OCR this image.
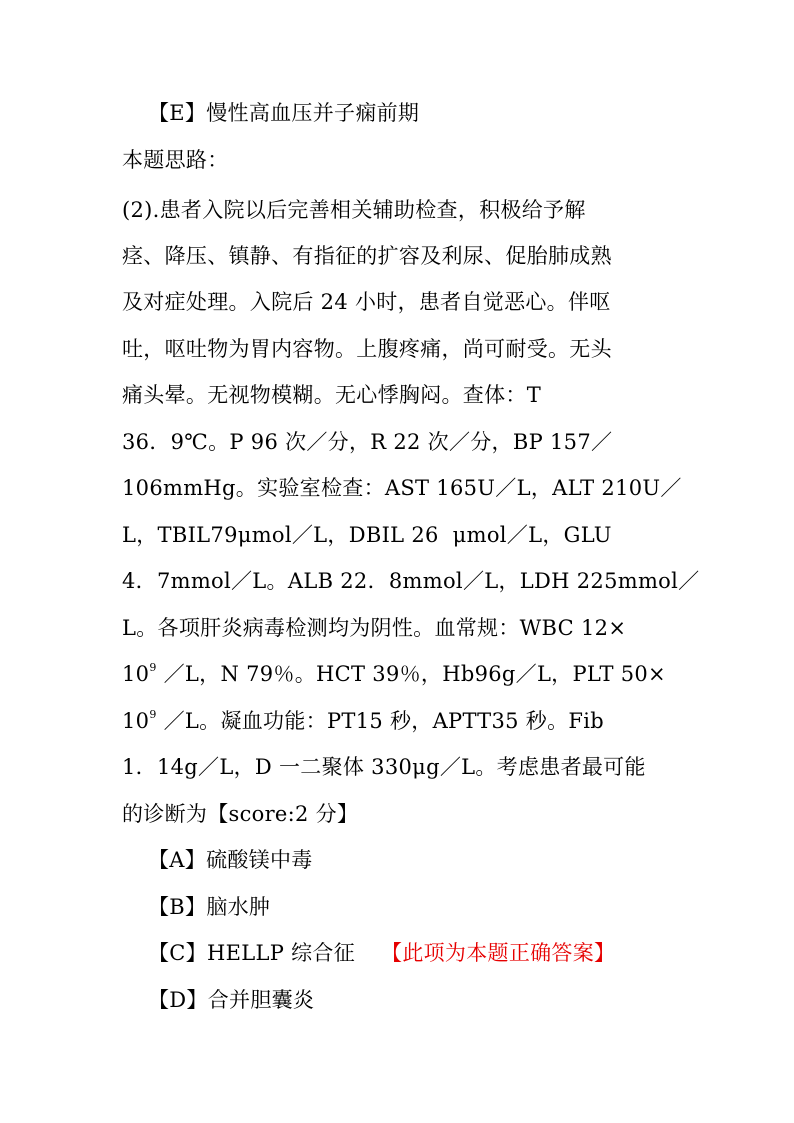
【E】慢性高血压并子痫前期
本题思路：
(2).患者入院以后完善相关辅助检查，积极给予解
痉、降压、镇静、有指征的扩容及利尿、促胎肺成熟
及对症处理。入院后 24 小时，患者自觉恶心。伴呕
吐，呕吐物为胃内容物。上腹疼痛，尚可耐受。无头
痛头晕。无视物模糊。无心悸胸闷。查体：T
36．9℃。P 96 次／分，R 22 次／分，BP 157／
106mmHg。实验室检查：AST 165U／L，ALT 210U／
L，TBIL79μmol／L，DBIL 26  μmol／L，GLU
4．7mmol／L。ALB 22．8mmol／L，LDH 225mmol／
L。各项肝炎病毒检测均为阴性。血常规：WBC 12×
$10^9$ ／L，N 79％。HCT 39％，Hb96g／L，PLT 50×
$10^9$ ／L。凝血功能：PT15 秒，APTT35 秒。Fib
1．14g／L，D 一二聚体 330μg／L。考虑患者最可能
的诊断为【score:2 分】
【A】硫酸镁中毒
【B】脑水肿
【C】HELLP 综合征 【此项为本题正确答案】
【D】合并胆囊炎
